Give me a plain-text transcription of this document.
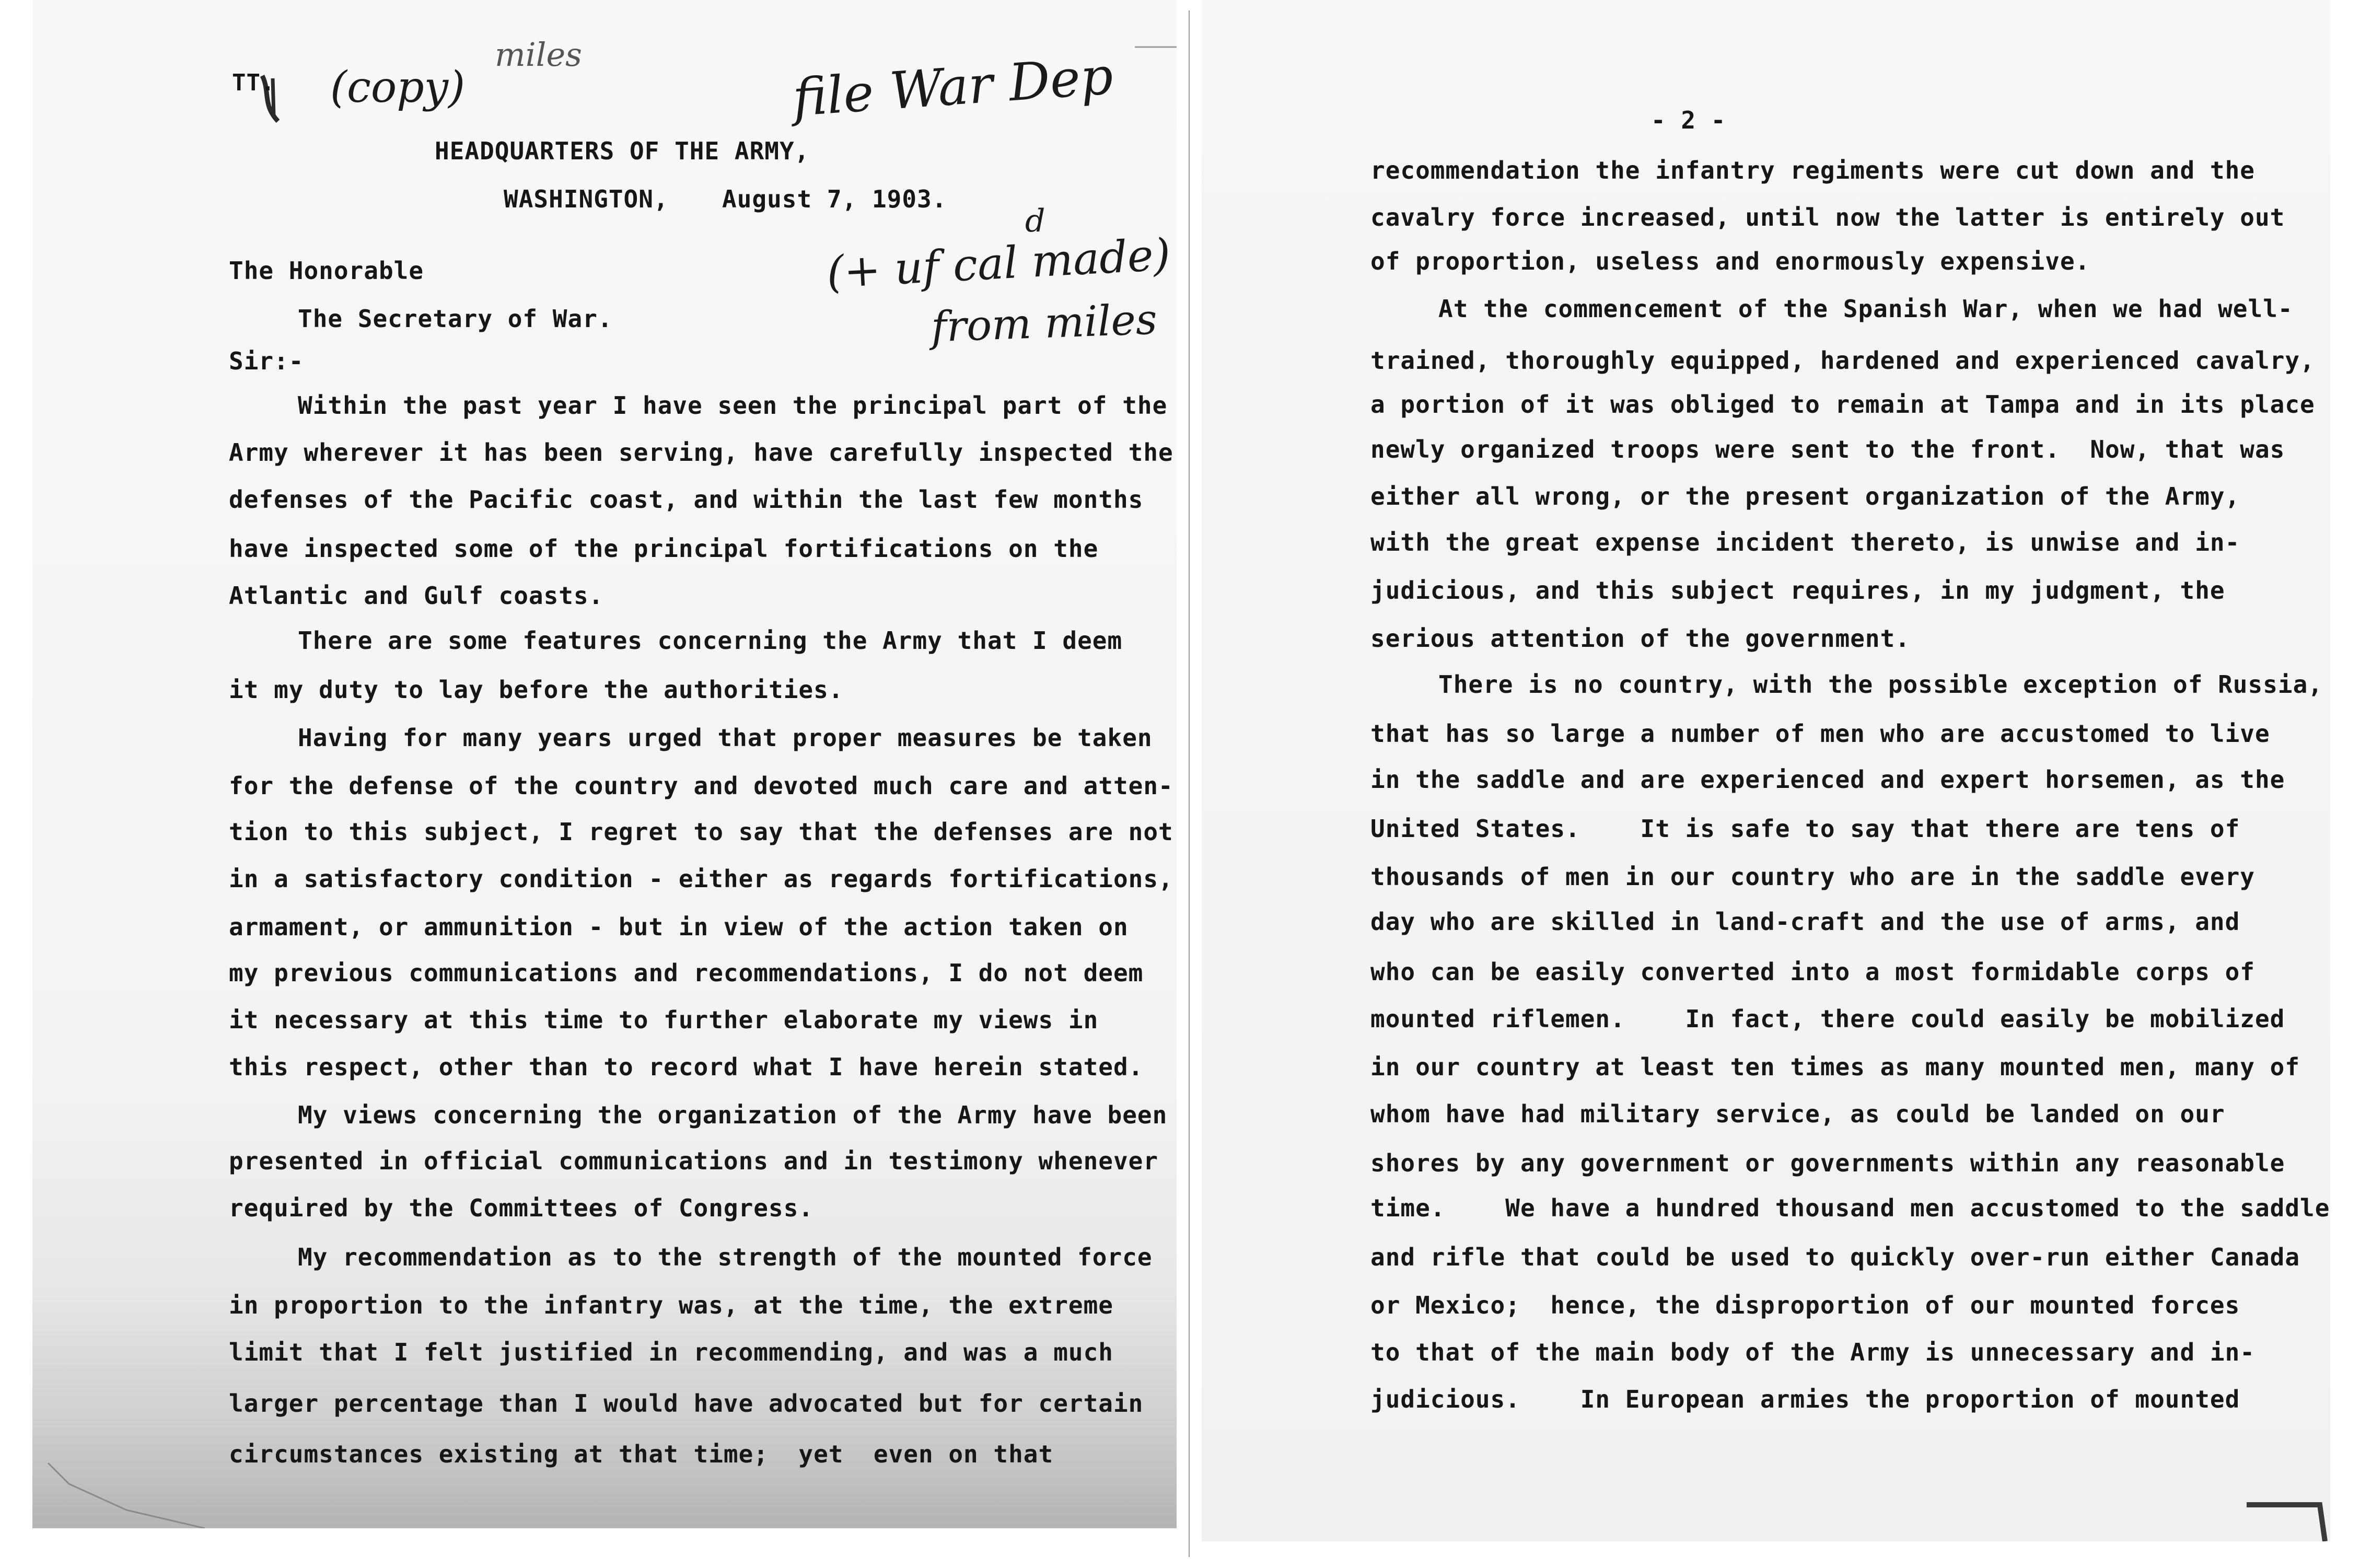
TT. (copy)
miles	file War Dep
HEADQUARTERS OF THE ARMY,
WASHINGTON, August 7, 1903.
The Honorable
The Secretary of War.
Sir:-
(+ uf cal made)
d
from miles
Within the past year I have seen the principal part of the
Army wherever it has been serving, have carefully inspected the
defenses of the Pacific coast, and within the last few months
have inspected some of the principal fortifications on the
Atlantic and Gulf coasts.
There are some features concerning the Army that I deem
it my duty to lay before the authorities.
Having for many years urged that proper measures be taken
for the defense of the country and devoted much care and atten-
tion to this subject, I regret to say that the defenses are not
in a satisfactory condition - either as regards fortifications,
armament, or ammunition - but in view of the action taken on
my previous communications and recommendations, I do not deem
it necessary at this time to further elaborate my views in
this respect, other than to record what I have herein stated.
My views concerning the organization of the Army have been
presented in official communications and in testimony whenever
required by the Committees of Congress.
My recommendation as to the strength of the mounted force
in proportion to the infantry was, at the time, the extreme
limit that I felt justified in recommending, and was a much
larger percentage than I would have advocated but for certain
circumstances existing at that time;  yet  even on that
- 2 -
recommendation the infantry regiments were cut down and the
cavalry force increased, until now the latter is entirely out
of proportion, useless and enormously expensive.
At the commencement of the Spanish War, when we had well-
trained, thoroughly equipped, hardened and experienced cavalry,
a portion of it was obliged to remain at Tampa and in its place
newly organized troops were sent to the front.  Now, that was
either all wrong, or the present organization of the Army,
with the great expense incident thereto, is unwise and in-
judicious, and this subject requires, in my judgment, the
serious attention of the government.
There is no country, with the possible exception of Russia,
that has so large a number of men who are accustomed to live
in the saddle and are experienced and expert horsemen, as the
United States.    It is safe to say that there are tens of
thousands of men in our country who are in the saddle every
day who are skilled in land-craft and the use of arms, and
who can be easily converted into a most formidable corps of
mounted riflemen.    In fact, there could easily be mobilized
in our country at least ten times as many mounted men, many of
whom have had military service, as could be landed on our
shores by any government or governments within any reasonable
time.    We have a hundred thousand men accustomed to the saddle
and rifle that could be used to quickly over-run either Canada
or Mexico;  hence, the disproportion of our mounted forces
to that of the main body of the Army is unnecessary and in-
judicious.    In European armies the proportion of mounted
